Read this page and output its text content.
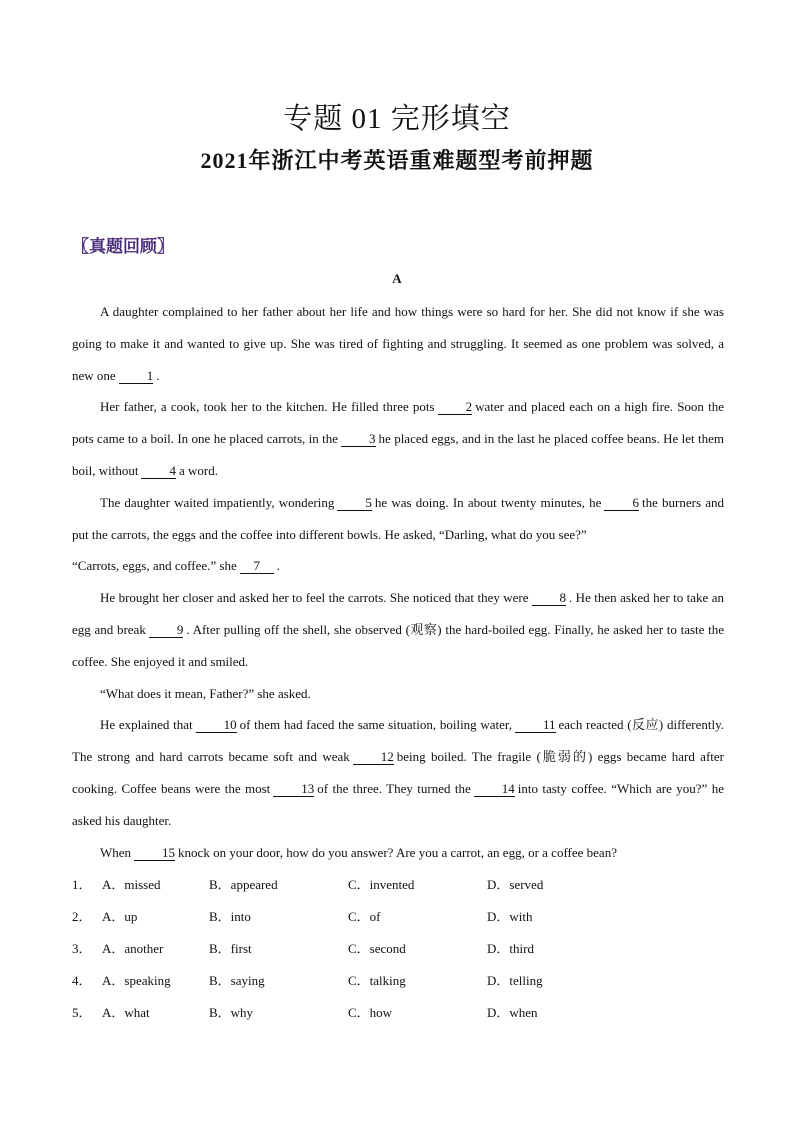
专题 01 完形填空
2021年浙江中考英语重难题型考前押题
〖真题回顾〗
A

A daughter complained to her father about her life and how things were so hard for her. She did not know if she was going to make it and wanted to give up. She was tired of fighting and struggling. It seemed as one problem was solved, a new one 1 .

Her father, a cook, took her to the kitchen. He filled three pots 2 water and placed each on a high fire. Soon the pots came to a boil. In one he placed carrots, in the 3 he placed eggs, and in the last he placed coffee beans. He let them boil, without 4 a word.

The daughter waited impatiently, wondering 5 he was doing. In about twenty minutes, he 6 the burners and put the carrots, the eggs and the coffee into different bowls. He asked, “Darling, what do you see?”

“Carrots, eggs, and coffee.” she 7 .

He brought her closer and asked her to feel the carrots. She noticed that they were 8 . He then asked her to take an egg and break 9 . After pulling off the shell, she observed (观察) the hard-boiled egg. Finally, he asked her to taste the coffee. She enjoyed it and smiled.

“What does it mean, Father?” she asked.

He explained that 10 of them had faced the same situation, boiling water, 11 each reacted (反应) differently. The strong and hard carrots became soft and weak 12 being boiled. The fragile (脆弱的) eggs became hard after cooking. Coffee beans were the most 13 of the three. They turned the 14 into tasty coffee. “Which are you?” he asked his daughter.

When 15 knock on your door, how do you answer? Are you a carrot, an egg, or a coffee bean?

1． A．missed	B．appeared	C．invented	D．served
2． A．up	B．into	C．of	D．with
3． A．another	B．first	C．second	D．third
4． A．speaking	B．saying	C．talking	D．telling
5． A．what	B．why	C．how	D．when
